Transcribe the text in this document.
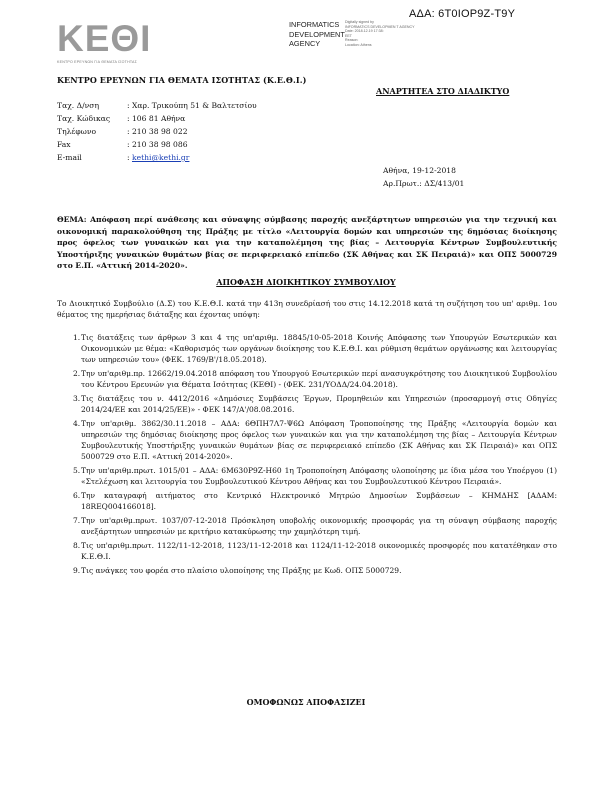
ΑΔΑ: 6Τ0ΙΟΡ9Ζ-Τ9Υ
ΚΕΘΙ
ΚΕΝΤΡΟ ΕΡΕΥΝΩΝ ΓΙΑ ΘΕΜΑΤΑ ΙΣΟΤΗΤΑΣ
INFORMATICS
DEVELOPMENT
AGENCY
Digitally signed by
INFORMATICS DEVELOPMEN T AGENCY
Date: 2018.12.19 17:38:
EET
Reason:
Location: Athens
ΚΕΝΤΡΟ ΕΡΕΥΝΩΝ ΓΙΑ ΘΕΜΑΤΑ ΙΣΟΤΗΤΑΣ (Κ.Ε.Θ.Ι.)
ΑΝΑΡΤΗΤΕΑ ΣΤΟ ΔΙΑΔΙΚΤΥΟ
Ταχ. Δ/νση	: Χαρ. Τρικούπη 51 & Βαλτετσίου
Ταχ. Κώδικας	: 106 81 Αθήνα
Τηλέφωνο	: 210 38 98 022
Fax	: 210 38 98 086
E-mail	: kethi@kethi.gr
Αθήνα, 19-12-2018
Αρ.Πρωτ.: ΔΣ/413/01
ΘΕΜΑ: Απόφαση περί ανάθεσης και σύναψης σύμβασης παροχής ανεξάρτητων υπηρεσιών για την τεχνική και οικονομική παρακολούθηση της Πράξης με τίτλο «Λειτουργία δομών και υπηρεσιών της δημόσιας διοίκησης προς όφελος των γυναικών και για την καταπολέμηση της βίας – Λειτουργία Κέντρων Συμβουλευτικής Υποστήριξης γυναικών θυμάτων βίας σε περιφερειακό επίπεδο (ΣΚ Αθήνας και ΣΚ Πειραιά)» και ΟΠΣ 5000729 στο Ε.Π. «Αττική 2014-2020».
ΑΠΟΦΑΣΗ ΔΙΟΙΚΗΤΙΚΟΥ ΣΥΜΒΟΥΛΙΟΥ
Το Διοικητικό Συμβούλιο (Δ.Σ) του Κ.Ε.Θ.Ι. κατά την 413η συνεδρίασή του στις 14.12.2018 κατά τη συζήτηση του υπ' αριθμ. 1ου θέματος της ημερήσιας διάταξης και έχοντας υπόψη:
1. Τις διατάξεις των άρθρων 3 και 4 της υπ'αριθμ. 18845/10-05-2018 Κοινής Απόφασης των Υπουργών Εσωτερικών και Οικονομικών με θέμα: «Καθορισμός των οργάνων διοίκησης του Κ.Ε.Θ.Ι. και ρύθμιση θεμάτων οργάνωσης και λειτουργίας των υπηρεσιών του» (ΦΕΚ. 1769/Β'/18.05.2018).
2. Την υπ'αριθμ.πρ. 12662/19.04.2018 απόφαση του Υπουργού Εσωτερικών περί ανασυγκρότησης του Διοικητικού Συμβουλίου του Κέντρου Ερευνών για Θέματα Ισότητας (ΚΕΘΙ) - (ΦΕΚ. 231/ΥΟΔΔ/24.04.2018).
3. Τις διατάξεις του ν. 4412/2016 «Δημόσιες Συμβάσεις Έργων, Προμηθειών και Υπηρεσιών (προσαρμογή στις Οδηγίες 2014/24/ΕΕ και 2014/25/ΕΕ)» - ΦΕΚ 147/Α'/08.08.2016.
4. Την υπ'αριθμ. 3862/30.11.2018 – ΑΔΑ: 6ΘΠΗ7Λ7-Ψ6Ω Απόφαση Τροποποίησης της Πράξης «Λειτουργία δομών και υπηρεσιών της δημόσιας διοίκησης προς όφελος των γυναικών και για την καταπολέμηση της βίας – Λειτουργία Κέντρων Συμβουλευτικής Υποστήριξης γυναικών θυμάτων βίας σε περιφερειακό επίπεδο (ΣΚ Αθήνας και ΣΚ Πειραιά)» και ΟΠΣ 5000729 στο Ε.Π. «Αττική 2014-2020».
5. Την υπ'αριθμ.πρωτ. 1015/01 – ΑΔΑ: 6Μ630Ρ9Ζ-Η60 1η Τροποποίηση Απόφασης υλοποίησης με ίδια μέσα του Υποέργου (1) «Στελέχωση και λειτουργία του Συμβουλευτικού Κέντρου Αθήνας και του Συμβουλευτικού Κέντρου Πειραιά».
6. Την καταγραφή αιτήματος στο Κεντρικό Ηλεκτρονικό Μητρώο Δημοσίων Συμβάσεων – ΚΗΜΔΗΣ [ΑΔΑΜ: 18REQ004166018].
7. Την υπ'αριθμ.πρωτ. 1037/07-12-2018 Πρόσκληση υποβολής οικονομικής προσφοράς για τη σύναψη σύμβασης παροχής ανεξάρτητων υπηρεσιών με κριτήριο κατακύρωσης την χαμηλότερη τιμή.
8. Τις υπ'αριθμ.πρωτ. 1122/11-12-2018, 1123/11-12-2018 και 1124/11-12-2018 οικονομικές προσφορές που κατατέθηκαν στο Κ.Ε.Θ.Ι.
9. Τις ανάγκες του φορέα στο πλαίσιο υλοποίησης της Πράξης με Κωδ. ΟΠΣ 5000729.
ΟΜΟΦΩΝΩΣ ΑΠΟΦΑΣΙΖΕΙ
